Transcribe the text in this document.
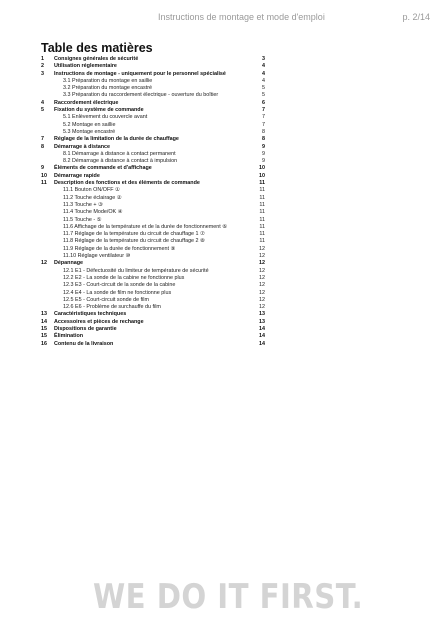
Instructions de montage et mode d'emploi	p. 2/14
Table des matières
1 Consignes générales de sécurité	3
2 Utilisation réglementaire	4
3 Instructions de montage - uniquement pour le personnel spécialisé	4
3.1 Préparation du montage en saillie	4
3.2 Préparation du montage encastré	5
3.3 Préparation du raccordement électrique - ouverture du boîtier	5
4 Raccordement électrique	6
5 Fixation du système de commande	7
5.1 Enlèvement du couvercle avant	7
5.2 Montage en saillie	7
5.3 Montage encastré	8
7 Réglage de la limitation de la durée de chauffage	8
8 Démarrage à distance	9
8.1 Démarrage à distance à contact permanent	9
8.2 Démarrage à distance à contact à impulsion	9
9 Éléments de commande et d'affichage	10
10 Démarrage rapide	10
11 Description des fonctions et des éléments de commande	11
11.1 Bouton ON/OFF ①	11
11.2 Touche éclairage ②	11
11.3 Touche + ③	11
11.4 Touche Mode/OK ④	11
11.5 Touche - ⑤	11
11.6 Affichage de la température et de la durée de fonctionnement ⑥	11
11.7 Réglage de la température du circuit de chauffage 1 ⑦	11
11.8 Réglage de la température du circuit de chauffage 2 ⑧	11
11.9 Réglage de la durée de fonctionnement ⑨	12
11.10 Réglage ventilateur ⑩	12
12 Dépannage	12
12.1 E1 - Défectuosité du limiteur de température de sécurité	12
12.2 E2 - La sonde de la cabine ne fonctionne plus	12
12.3 E3 - Court-circuit de la sonde de la cabine	12
12.4 E4 - La sonde de film ne fonctionne plus	12
12.5 E5 - Court-circuit sonde de film	12
12.6 E6 - Problème de surchauffe du film	12
13 Caractéristiques techniques	13
14 Accessoires et pièces de rechange	13
15 Dispositions de garantie	14
15 Élimination	14
16 Contenu de la livraison	14
WE DO IT FIRST.
